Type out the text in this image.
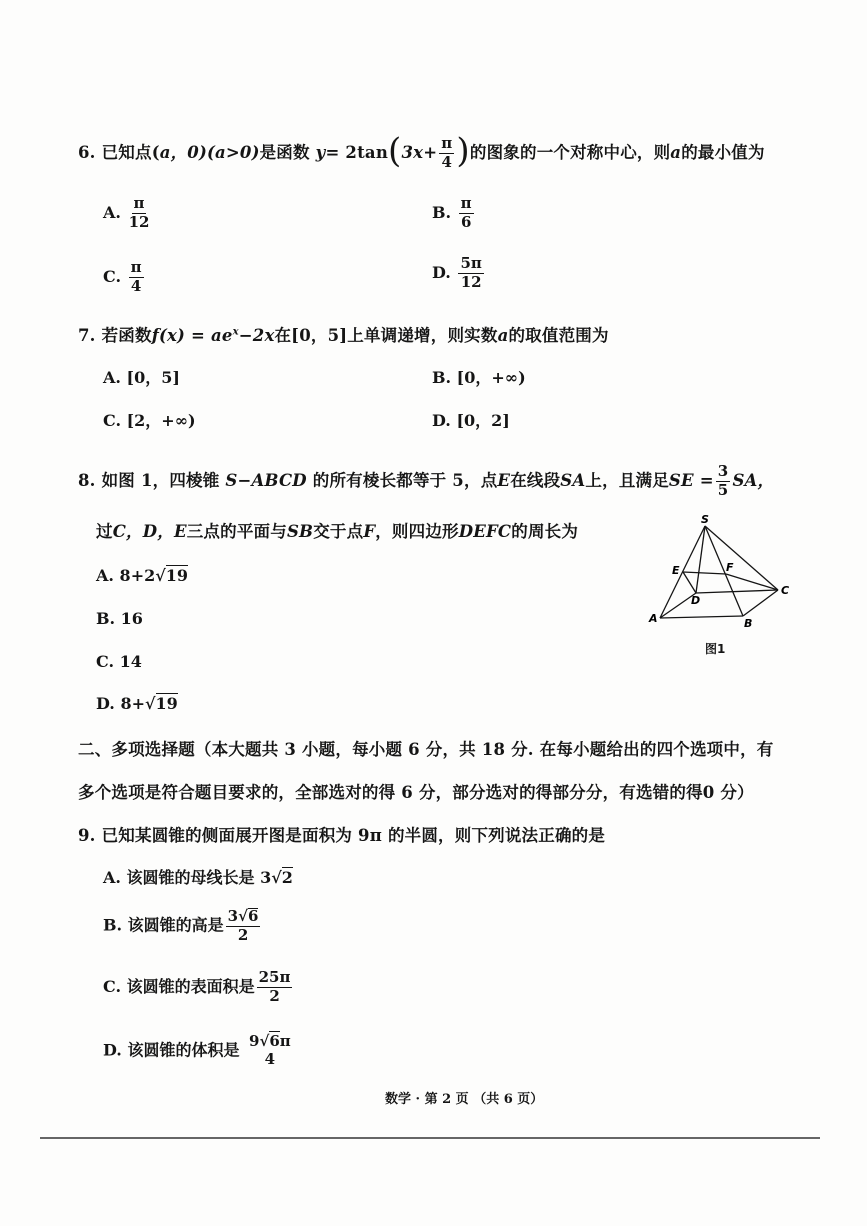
6. 已知点(a，0)(a>0)是函数 $y= 2\tan(3x+ \frac{\pi}{4}$ )的图象的一个对称中心，则a的最小值为
A. $\frac{\pi}{12}$	B. $\frac{\pi}{6}$
C. $\frac{\pi}{4}$	D. $\frac{5\pi}{12}$
7. 若函数$f(x) = ae^x-2x$在[0，5]上单调递增，则实数a的取值范围为
A. [0，5]	B. [0，+∞)
C. [2，+∞)	D. [0，2]
8. 如图 1，四棱锥 S−ABCD 的所有棱长都等于 5，点E在线段SA上，且满足SE = $\frac{3}{5}$ SA，
过C，D，E三点的平面与SB交于点F，则四边形DEFC的周长为
A. 8+2√19
B. 16
C. 14
D. 8+√19
S
E	F
D
C
A	B
图1
二、多项选择题（本大题共 3 小题，每小题 6 分，共 18 分. 在每小题给出的四个选项中，有
多个选项是符合题目要求的，全部选对的得 6 分，部分选对的得部分分，有选错的得0 分）
9. 已知某圆锥的侧面展开图是面积为 9π 的半圆，则下列说法正确的是
A. 该圆锥的母线长是 3√2
B. 该圆锥的高是 $\frac{3√6}{2}$
C. 该圆锥的表面积是 $\frac{25\pi}{2}$
D. 该圆锥的体积是 9√6π
4
数学 · 第 2 页 （共 6 页）
